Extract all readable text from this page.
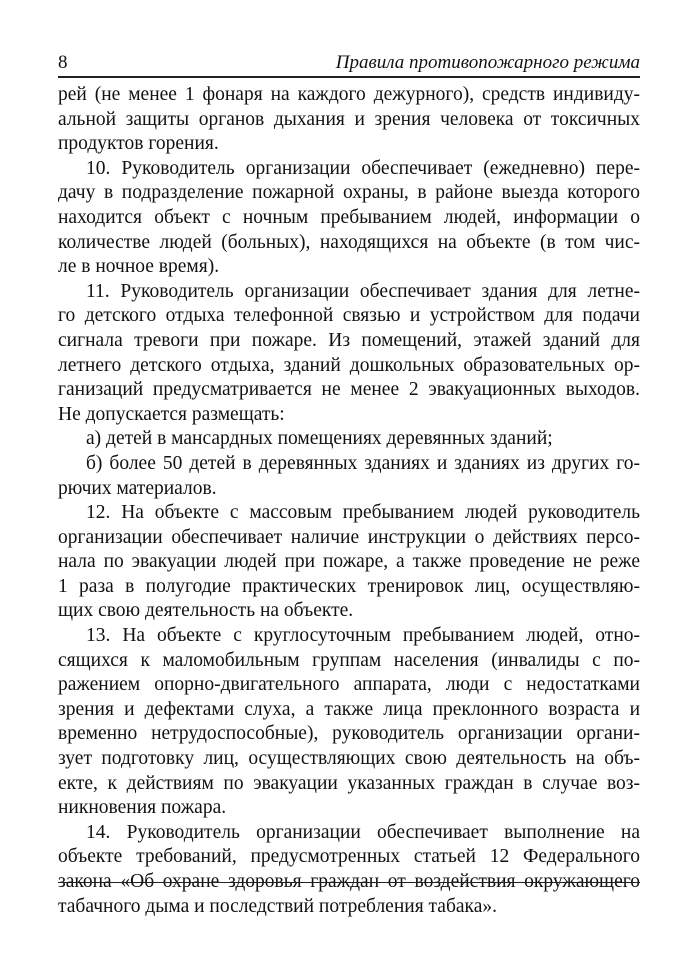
8	Правила противопожарного режима

рей (не менее 1 фонаря на каждого дежурного), средств индивиду-
альной защиты органов дыхания и зрения человека от токсичных
продуктов горения.

10. Руководитель организации обеспечивает (ежедневно) пере-
дачу в подразделение пожарной охраны, в районе выезда которого
находится объект с ночным пребыванием людей, информации о
количестве людей (больных), находящихся на объекте (в том чис-
ле в ночное время).

11. Руководитель организации обеспечивает здания для летне-
го детского отдыха телефонной связью и устройством для подачи
сигнала тревоги при пожаре. Из помещений, этажей зданий для
летнего детского отдыха, зданий дошкольных образовательных ор-
ганизаций предусматривается не менее 2 эвакуационных выходов.
Не допускается размещать:

а) детей в мансардных помещениях деревянных зданий;

б) более 50 детей в деревянных зданиях и зданиях из других го-
рючих материалов.

12. На объекте с массовым пребыванием людей руководитель
организации обеспечивает наличие инструкции о действиях персо-
нала по эвакуации людей при пожаре, а также проведение не реже
1 раза в полугодие практических тренировок лиц, осуществляю-
щих свою деятельность на объекте.

13. На объекте с круглосуточным пребыванием людей, отно-
сящихся к маломобильным группам населения (инвалиды с по-
ражением опорно-двигательного аппарата, люди с недостатками
зрения и дефектами слуха, а также лица преклонного возраста и
временно нетрудоспособные), руководитель организации органи-
зует подготовку лиц, осуществляющих свою деятельность на объ-
екте, к действиям по эвакуации указанных граждан в случае воз-
никновения пожара.

14. Руководитель организации обеспечивает выполнение на
объекте требований, предусмотренных статьей 12 Федерального
закона «Об охране здоровья граждан от воздействия окружающего
табачного дыма и последствий потребления табака».
